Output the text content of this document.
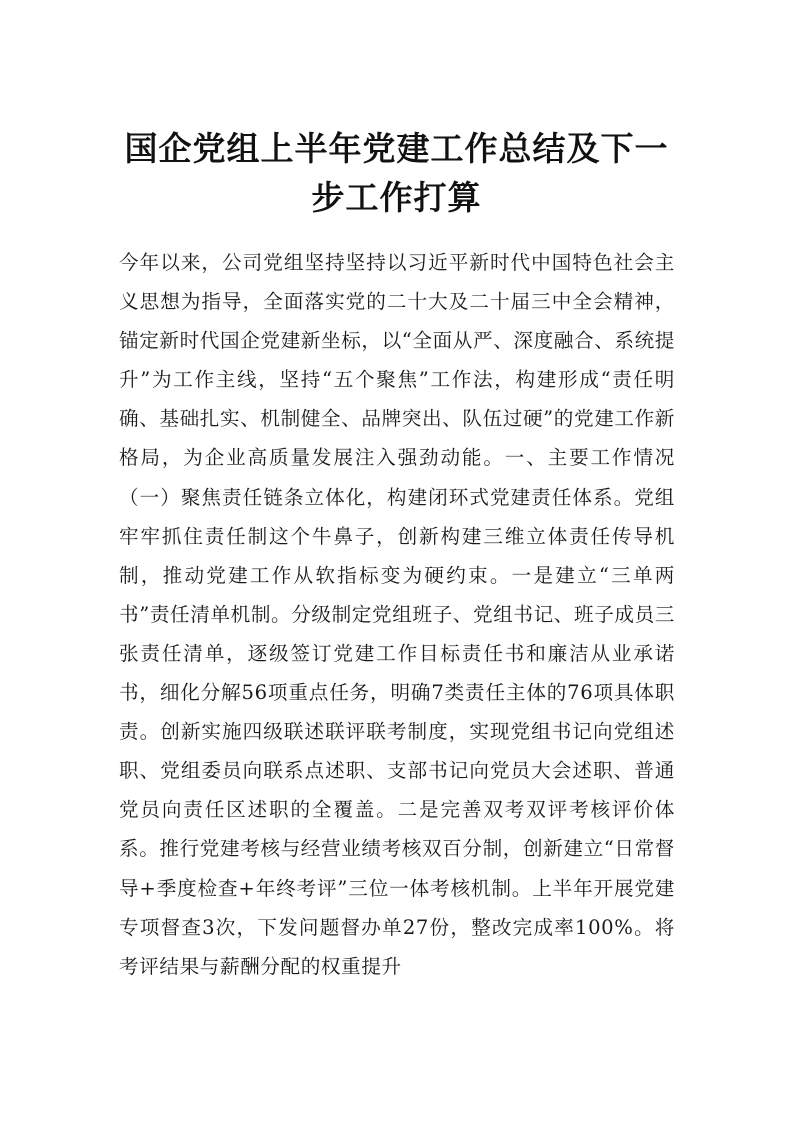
国企党组上半年党建工作总结及下一步工作打算

今年以来，公司党组坚持坚持以习近平新时代中国特色社会主义思想为指导，全面落实党的二十大及二十届三中全会精神，锚定新时代国企党建新坐标，以“全面从严、深度融合、系统提升”为工作主线，坚持“五个聚焦”工作法，构建形成“责任明确、基础扎实、机制健全、品牌突出、队伍过硬”的党建工作新格局，为企业高质量发展注入强劲动能。一、主要工作情况（一）聚焦责任链条立体化，构建闭环式党建责任体系。党组牢牢抓住责任制这个牛鼻子，创新构建三维立体责任传导机制，推动党建工作从软指标变为硬约束。一是建立“三单两书”责任清单机制。分级制定党组班子、党组书记、班子成员三张责任清单，逐级签订党建工作目标责任书和廉洁从业承诺书，细化分解56项重点任务，明确7类责任主体的76项具体职责。创新实施四级联述联评联考制度，实现党组书记向党组述职、党组委员向联系点述职、支部书记向党员大会述职、普通党员向责任区述职的全覆盖。二是完善双考双评考核评价体系。推行党建考核与经营业绩考核双百分制，创新建立“日常督导+季度检查+年终考评”三位一体考核机制。上半年开展党建专项督查3次，下发问题督办单27份，整改完成率100%。将考评结果与薪酬分配的权重提升
